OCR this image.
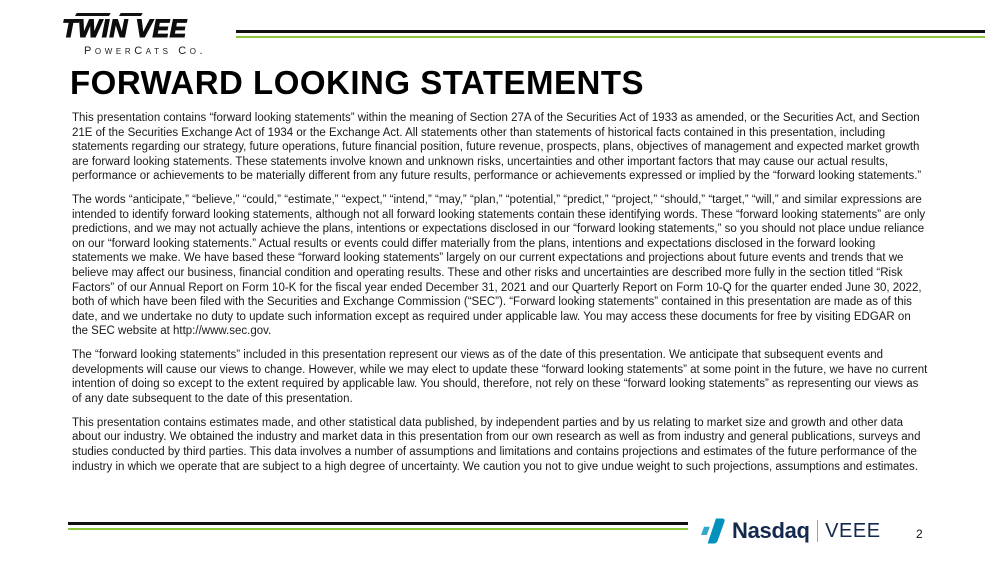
TWIN VEE
PowerCats Co.
FORWARD LOOKING STATEMENTS

This presentation contains “forward looking statements” within the meaning of Section 27A of the Securities Act of 1933 as amended, or the Securities Act, and Section 21E of the Securities Exchange Act of 1934 or the Exchange Act. All statements other than statements of historical facts contained in this presentation, including statements regarding our strategy, future operations, future financial position, future revenue, prospects, plans, objectives of management and expected market growth are forward looking statements. These statements involve known and unknown risks, uncertainties and other important factors that may cause our actual results, performance or achievements to be materially different from any future results, performance or achievements expressed or implied by the “forward looking statements.”

The words “anticipate,” “believe,” “could,” “estimate,” “expect,” “intend,” “may,” “plan,” “potential,” “predict,” “project,” “should,” “target,” “will,” and similar expressions are intended to identify forward looking statements, although not all forward looking statements contain these identifying words. These “forward looking statements” are only predictions, and we may not actually achieve the plans, intentions or expectations disclosed in our “forward looking statements,” so you should not place undue reliance on our “forward looking statements.” Actual results or events could differ materially from the plans, intentions and expectations disclosed in the forward looking statements we make. We have based these “forward looking statements” largely on our current expectations and projections about future events and trends that we believe may affect our business, financial condition and operating results. These and other risks and uncertainties are described more fully in the section titled “Risk Factors” of our Annual Report on Form 10-K for the fiscal year ended December 31, 2021 and our Quarterly Report on Form 10-Q for the quarter ended June 30, 2022, both of which have been filed with the Securities and Exchange Commission (“SEC”). “Forward looking statements” contained in this presentation are made as of this date, and we undertake no duty to update such information except as required under applicable law. You may access these documents for free by visiting EDGAR on the SEC website at http://www.sec.gov.

The “forward looking statements” included in this presentation represent our views as of the date of this presentation. We anticipate that subsequent events and developments will cause our views to change. However, while we may elect to update these “forward looking statements” at some point in the future, we have no current intention of doing so except to the extent required by applicable law. You should, therefore, not rely on these “forward looking statements” as representing our views as of any date subsequent to the date of this presentation.

This presentation contains estimates made, and other statistical data published, by independent parties and by us relating to market size and growth and other data about our industry. We obtained the industry and market data in this presentation from our own research as well as from industry and general publications, surveys and studies conducted by third parties. This data involves a number of assumptions and limitations and contains projections and estimates of the future performance of the industry in which we operate that are subject to a high degree of uncertainty. We caution you not to give undue weight to such projections, assumptions and estimates.

Nasdaq VEEE	2
